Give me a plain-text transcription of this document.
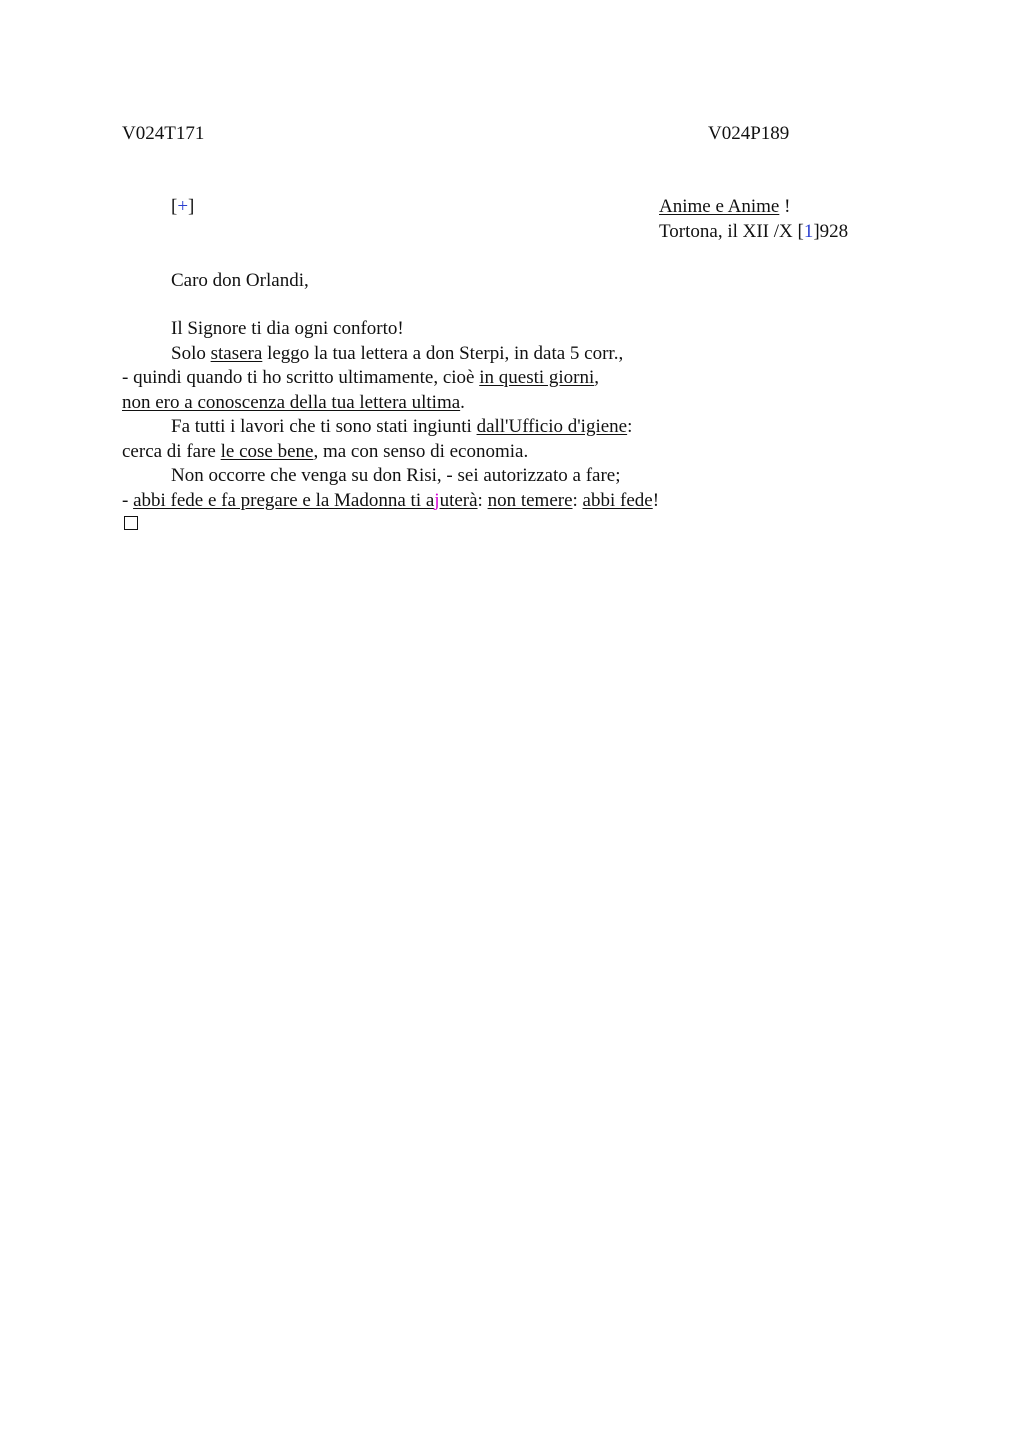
V024T171	V024P189
[+]	Anime e Anime !
Tortona, il XII /X [1]928
Caro don Orlandi,
Il Signore ti dia ogni conforto!
Solo stasera leggo la tua lettera a don Sterpi, in data 5 corr.,
- quindi quando ti ho scritto ultimamente, cioè in questi giorni,
non ero a conoscenza della tua lettera ultima.
Fa tutti i lavori che ti sono stati ingiunti dall'Ufficio d'igiene:
cerca di fare le cose bene, ma con senso di economia.
Non occorre che venga su don Risi, - sei autorizzato a fare;
- abbi fede e fa pregare e la Madonna ti ajuterà: non temere: abbi fede!
